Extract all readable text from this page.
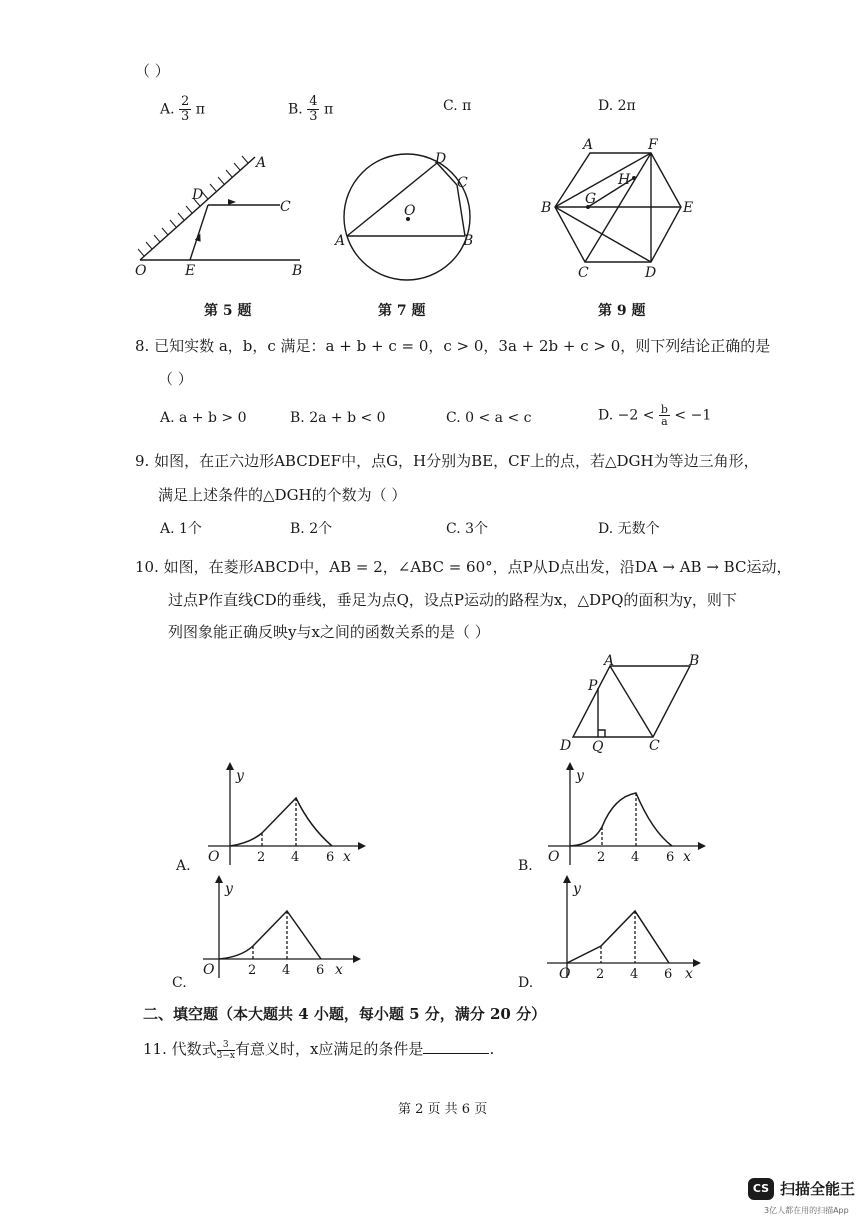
（ ）
A. $\frac{2}{3}$ π	B. $\frac{4}{3}$ π	C. π	D. 2π
A
D
C
O	E	B
第 5 题
D
C
O
A	B
第 7 题
A	F
H
B
G
E
C	D
第 9 题
8. 已知实数 a，b，c 满足：a + b + c = 0，c > 0，3a + 2b + c > 0，则下列结论正确的是
（ ）
A. a + b > 0	B. 2a + b < 0	C. 0 < a < c	D. $-2 < \frac{b}{a} < -1$
9. 如图，在正六边形ABCDEF中，点G，H分别为BE，CF上的点，若△DGH为等边三角形，
满足上述条件的△DGH的个数为（ ）
A. 1个	B. 2个	C. 3个	D. 无数个
10. 如图，在菱形ABCD中，AB = 2，∠ABC = 60°，点P从D点出发，沿DA → AB → BC运动，
过点P作直线CD的垂线，垂足为点Q，设点P运动的路程为x，△DPQ的面积为y，则下
列图象能正确反映y与x之间的函数关系的是（ ）
A	B
P
D Q	C
y
O	x
2 4 6
A.
y
O	x
2 4 6
B.
y
O	x
2 4 6
C.
y
O	x
2 4 6
D.
二、填空题（本大题共 4 小题，每小题 5 分，满分 20 分）
11. 代数式 $\frac{3}{3-x}$ 有意义时，x应满足的条件是	.
第 2 页 共 6 页
CS 扫描全能王
3亿人都在用的扫描App
